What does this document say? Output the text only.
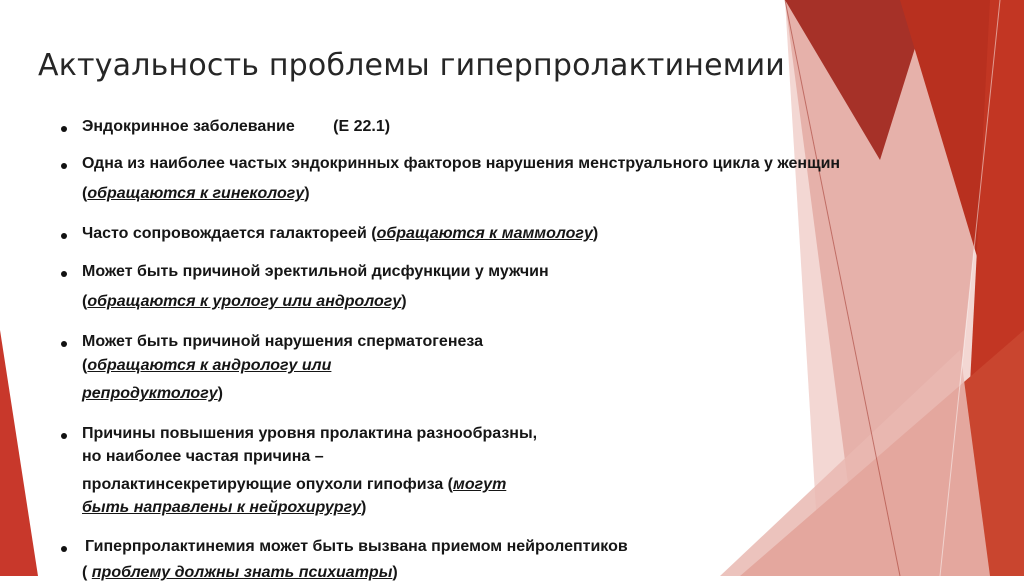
Актуальность проблемы гиперпролактинемии
Эндокринное заболевание (Е 22.1)
Одна из наиболее частых эндокринных факторов нарушения менструального цикла у женщин
(обращаются к гинекологу)
Часто сопровождается галактореей (обращаются к маммологу)
Может быть причиной эректильной дисфункции у мужчин
(обращаются к урологу или андрологу)
Может быть причиной нарушения сперматогенеза
(обращаются к андрологу или
репродуктологу)
Причины повышения уровня пролактина разнообразны,
но наиболее частая причина –
пролактинсекретирующие опухоли гипофиза (могут
быть направлены к нейрохирургу)
Гиперпролактинемия может быть вызвана приемом нейролептиков
( проблему должны знать психиатры)
